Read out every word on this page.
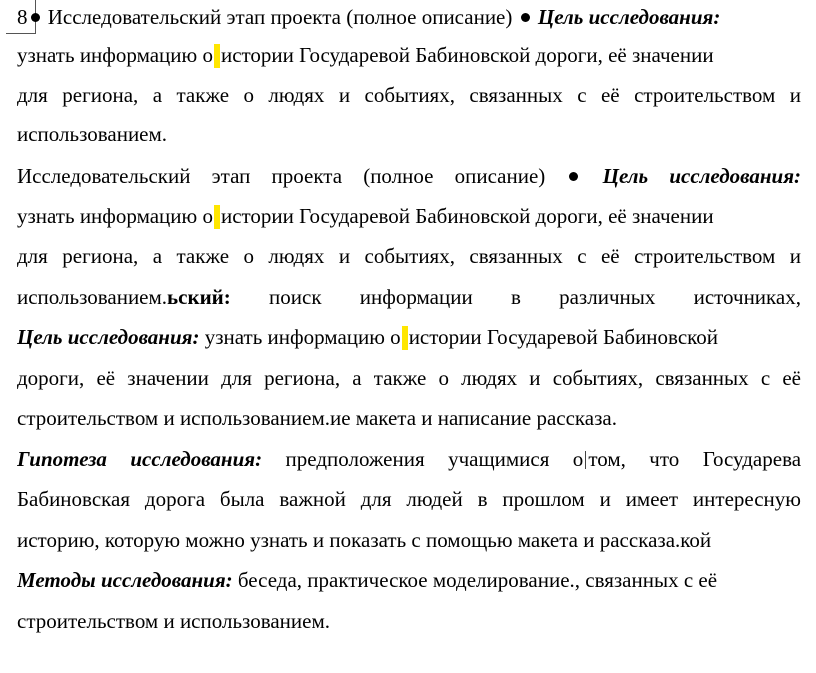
8 Исследовательский этап проекта (полное описание) Цель исследования:
узнать информацию о истории Государевой Бабиновской дороги, её значении
для региона, а также о людях и событиях, связанных с её строительством и
использованием.
Исследовательский этап проекта (полное описание)	Цель исследования:
узнать информацию о истории Государевой Бабиновской дороги, её значении
для региона, а также о людях и событиях, связанных с её строительством и
использованием.ьский: поиск информации в различных источниках,
Цель исследования: узнать информацию о истории Государевой Бабиновской
дороги, её значении для региона, а также о людях и событиях, связанных с её
строительством и использованием.ие макета и написание рассказа.
Гипотеза исследования: предположения учащимися о том, что Государева
Бабиновская дорога была важной для людей в прошлом и имеет интересную
историю, которую можно узнать и показать с помощью макета и рассказа.кой
Методы исследования: беседа, практическое моделирование., связанных с её
строительством и использованием.
